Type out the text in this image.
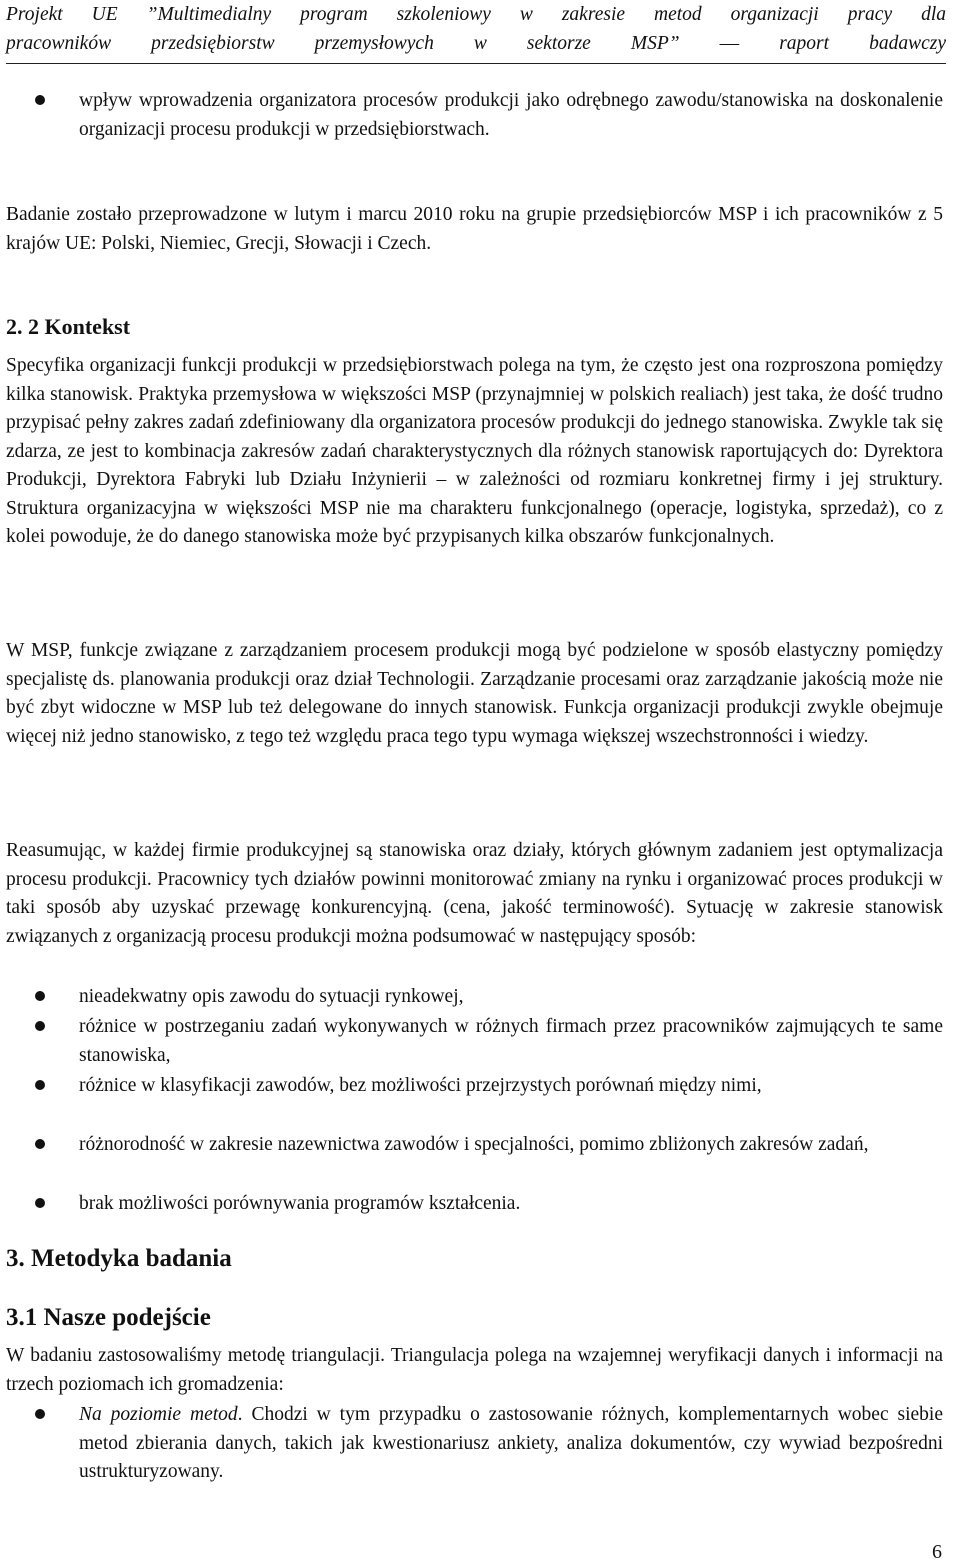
Projekt UE ”Multimedialny program szkoleniowy w zakresie metod organizacji pracy dla
pracowników przedsiębiorstw przemysłowych w sektorze MSP” ― raport badawczy
wpływ wprowadzenia organizatora procesów produkcji jako odrębnego zawodu/stanowiska na doskonalenie organizacji procesu produkcji w przedsiębiorstwach.

Badanie zostało przeprowadzone w lutym i marcu 2010 roku na grupie przedsiębiorców MSP i ich pracowników z 5 krajów UE: Polski, Niemiec, Grecji, Słowacji i Czech.

2. 2 Kontekst

Specyfika organizacji funkcji produkcji w przedsiębiorstwach polega na tym, że często jest ona rozproszona pomiędzy kilka stanowisk. Praktyka przemysłowa w większości MSP (przynajmniej w polskich realiach) jest taka, że dość trudno przypisać pełny zakres zadań zdefiniowany dla organizatora procesów produkcji do jednego stanowiska. Zwykle tak się zdarza, ze jest to kombinacja zakresów zadań charakterystycznych dla różnych stanowisk raportujących do: Dyrektora Produkcji, Dyrektora Fabryki lub Działu Inżynierii – w zależności od rozmiaru konkretnej firmy i jej struktury. Struktura organizacyjna w większości MSP nie ma charakteru funkcjonalnego (operacje, logistyka, sprzedaż), co z kolei powoduje, że do danego stanowiska może być przypisanych kilka obszarów funkcjonalnych.

W MSP, funkcje związane z zarządzaniem procesem produkcji mogą być podzielone w sposób elastyczny pomiędzy specjalistę ds. planowania produkcji oraz dział Technologii. Zarządzanie procesami oraz zarządzanie jakością może nie być zbyt widoczne w MSP lub też delegowane do innych stanowisk. Funkcja organizacji produkcji zwykle obejmuje więcej niż jedno stanowisko, z tego też względu praca tego typu wymaga większej wszechstronności i wiedzy.

Reasumując, w każdej firmie produkcyjnej są stanowiska oraz działy, których głównym zadaniem jest optymalizacja procesu produkcji. Pracownicy tych działów powinni monitorować zmiany na rynku i organizować proces produkcji w taki sposób aby uzyskać przewagę konkurencyjną. (cena, jakość terminowość). Sytuację w zakresie stanowisk związanych z organizacją procesu produkcji można podsumować w następujący sposób:

nieadekwatny opis zawodu do sytuacji rynkowej,
różnice w postrzeganiu zadań wykonywanych w różnych firmach przez pracowników zajmujących te same stanowiska,
różnice w klasyfikacji zawodów, bez możliwości przejrzystych porównań między nimi,
różnorodność w zakresie nazewnictwa zawodów i specjalności, pomimo zbliżonych zakresów zadań,
brak możliwości porównywania programów kształcenia.
3. Metodyka badania
3.1 Nasze podejście

W badaniu zastosowaliśmy metodę triangulacji. Triangulacja polega na wzajemnej weryfikacji danych i informacji na trzech poziomach ich gromadzenia:

Na poziomie metod. Chodzi w tym przypadku o zastosowanie różnych, komplementarnych wobec siebie metod zbierania danych, takich jak kwestionariusz ankiety, analiza dokumentów, czy wywiad bezpośredni ustrukturyzowany.
6
